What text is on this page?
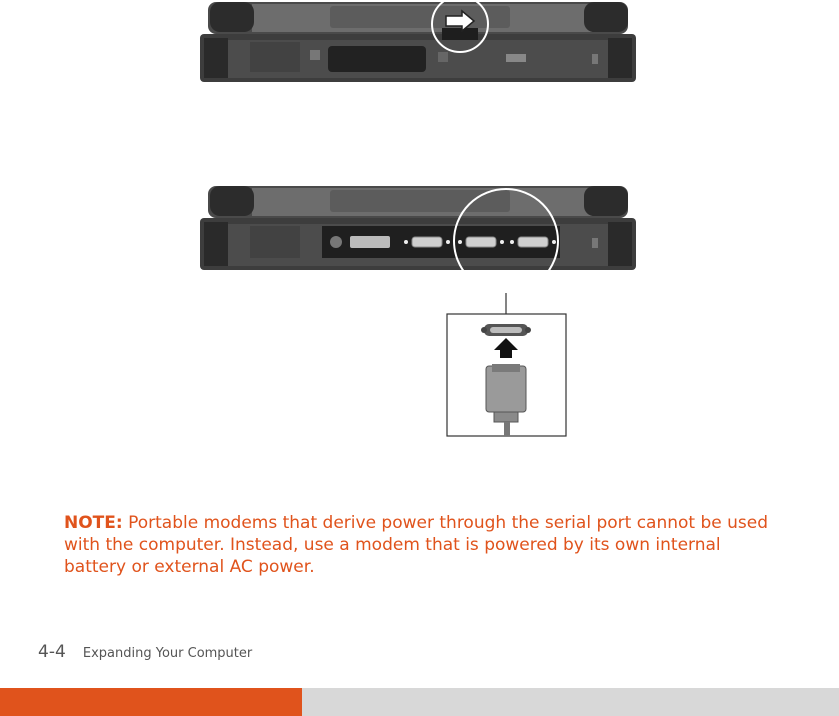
NOTE: Portable modems that derive power through the serial port cannot be used with the computer. Instead, use a modem that is powered by its own internal battery or external AC power.

4-4 Expanding Your Computer
